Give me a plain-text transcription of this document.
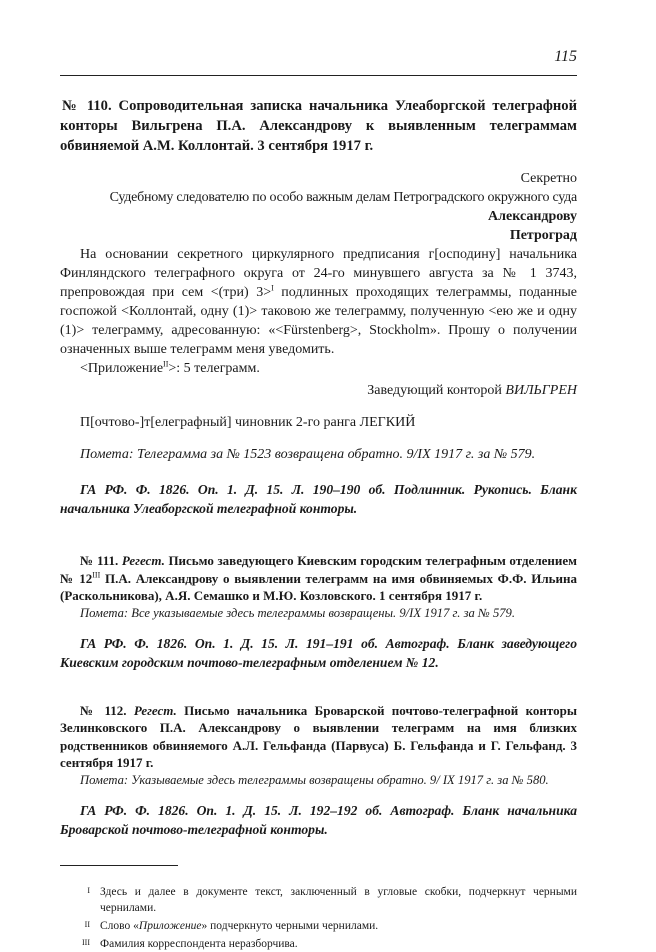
115

№ 110. Сопроводительная записка начальника Улеаборгской телеграфной конторы Вильгрена П.А. Александрову к выявленным телеграммам обвиняемой А.М. Коллонтай. 3 сентября 1917 г.

Секретно

Судебному следователю по особо важным делам Петроградского окружного суда

Александрову

Петроград

На основании секретного циркулярного предписания г[осподину] начальника Финляндского телеграфного округа от 24-го минувшего августа за № 1 3743, препровождая при сем <(три) 3>$^I$ подлинных проходящих телеграммы, поданные госпожой <Коллонтай, одну (1)> таковою же телеграмму, полученную <ею же и одну (1)> телеграмму, адресованную: «<Fürstenberg>, Stockholm». Прошу о получении означенных выше телеграмм меня уведомить.

<Приложение$^{II}$>: 5 телеграмм.

Заведующий конторой ВИЛЬГРЕН

П[очтово-]т[елеграфный] чиновник 2-го ранга ЛЕГКИЙ

Помета: Телеграмма за № 1523 возвращена обратно. 9/IX 1917 г. за № 579.

ГА РФ. Ф. 1826. Оп. 1. Д. 15. Л. 190–190 об. Подлинник. Рукопись. Бланк начальника Улеаборгской телеграфной конторы.

№ 111. Регест. Письмо заведующего Киевским городским телеграфным отделением № $12^{III}$ П.А. Александрову о выявлении телеграмм на имя обвиняемых Ф.Ф. Ильина (Раскольникова), А.Я. Семашко и М.Ю. Козловского. 1 сентября 1917 г.

Помета: Все указываемые здесь телеграммы возвращены. 9/IX 1917 г. за № 579.

ГА РФ. Ф. 1826. Оп. 1. Д. 15. Л. 191–191 об. Автограф. Бланк заведующего Киевским городским почтово-телеграфным отделением № 12.

№ 112. Регест. Письмо начальника Броварской почтово-телеграфной конторы Зелинковского П.А. Александрову о выявлении телеграмм на имя близких родственников обвиняемого А.Л. Гельфанда (Парвуса) Б. Гельфанда и Г. Гельфанд. 3 сентября 1917 г.

Помета: Указываемые здесь телеграммы возвращены обратно. 9/ IX 1917 г. за № 580.

ГА РФ. Ф. 1826. Оп. 1. Д. 15. Л. 192–192 об. Автограф. Бланк начальника Броварской почтово-телеграфной конторы.

I Здесь и далее в документе текст, заключенный в угловые скобки, подчеркнут черными чернилами.
II Слово «Приложение» подчеркнуто черными чернилами.
III Фамилия корреспондента неразборчива.
